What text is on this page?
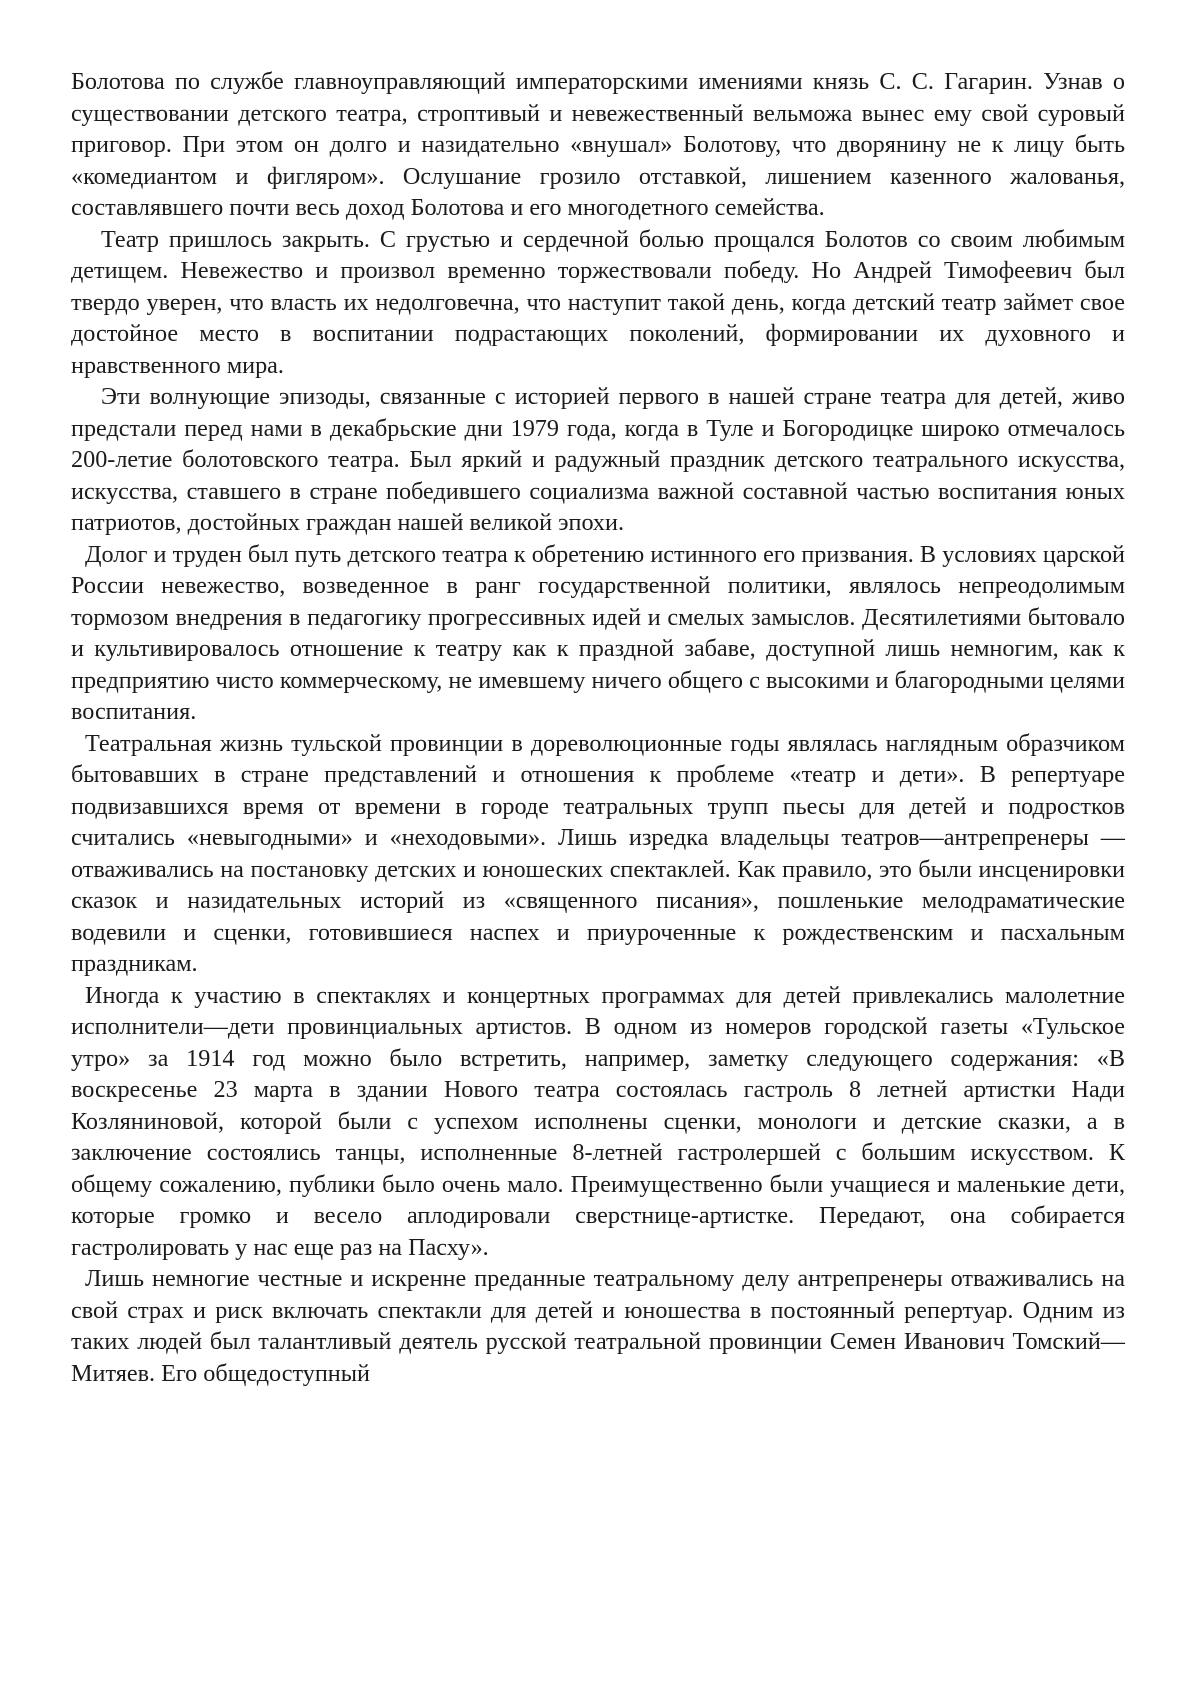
Болотова по службе главноуправляющий императорскими имениями князь С. С. Гагарин. Узнав о существовании детского театра, строптивый и невежественный вельможа вынес ему свой суровый приговор. При этом он долго и назидательно «внушал» Болотову, что дворянину не к лицу быть «комедиантом и фигляром». Ослушание грозило отставкой, лишением казенного жалованья, составлявшего почти весь доход Болотова и его многодетного семейства.

Театр пришлось закрыть. С грустью и сердечной болью прощался Болотов со своим любимым детищем. Невежество и произвол временно торжествовали победу. Но Андрей Тимофеевич был твердо уверен, что власть их недолговечна, что наступит такой день, когда детский театр займет свое достойное место в воспитании подрастающих поколений, формировании их духовного и нравственного мира.

Эти волнующие эпизоды, связанные с историей первого в нашей стране театра для детей, живо предстали перед нами в декабрьские дни 1979 года, когда в Туле и Богородицке широко отмечалось 200-летие болотовского театра. Был яркий и радужный праздник детского театрального искусства, искусства, ставшего в стране победившего социализма важной составной частью воспитания юных патриотов, достойных граждан нашей великой эпохи.

Долог и труден был путь детского театра к обретению истинного его призвания. В условиях царской России невежество, возведенное в ранг государственной политики, являлось непреодолимым тормозом внедрения в педагогику прогрессивных идей и смелых замыслов. Десятилетиями бытовало и культивировалось отношение к театру как к праздной забаве, доступной лишь немногим, как к предприятию чисто коммерческому, не имевшему ничего общего с высокими и благородными целями воспитания.

Театральная жизнь тульской провинции в дореволюционные годы являлась наглядным образчиком бытовавших в стране представлений и отношения к проблеме «театр и дети». В репертуаре подвизавшихся время от времени в городе театральных трупп пьесы для детей и подростков считались «невыгодными» и «неходовыми». Лишь изредка владельцы театров—антрепренеры — отваживались на постановку детских и юношеских спектаклей. Как правило, это были инсценировки сказок и назидательных историй из «священного писания», пошленькие мелодраматические водевили и сценки, готовившиеся наспех и приуроченные к рождественским и пасхальным праздникам.

Иногда к участию в спектаклях и концертных программах для детей привлекались малолетние исполнители—дети провинциальных артистов. В одном из номеров городской газеты «Тульское утро» за 1914 год можно было встретить, например, заметку следующего содержания: «В воскресенье 23 марта в здании Нового театра состоялась гастроль 8 летней артистки Нади Козляниновой, которой были с успехом исполнены сценки, монологи и детские сказки, а в заключение состоялись танцы, исполненные 8-летней гастролершей с большим искусством. К общему сожалению, публики было очень мало. Преимущественно были учащиеся и маленькие дети, которые громко и весело аплодировали сверстнице-артистке. Передают, она собирается гастролировать у нас еще раз на Пасху».

Лишь немногие честные и искренне преданные театральному делу антрепренеры отваживались на свой страх и риск включать спектакли для детей и юношества в постоянный репертуар. Одним из таких людей был талантливый деятель русской театральной провинции Семен Иванович Томский—Митяев. Его общедоступный
